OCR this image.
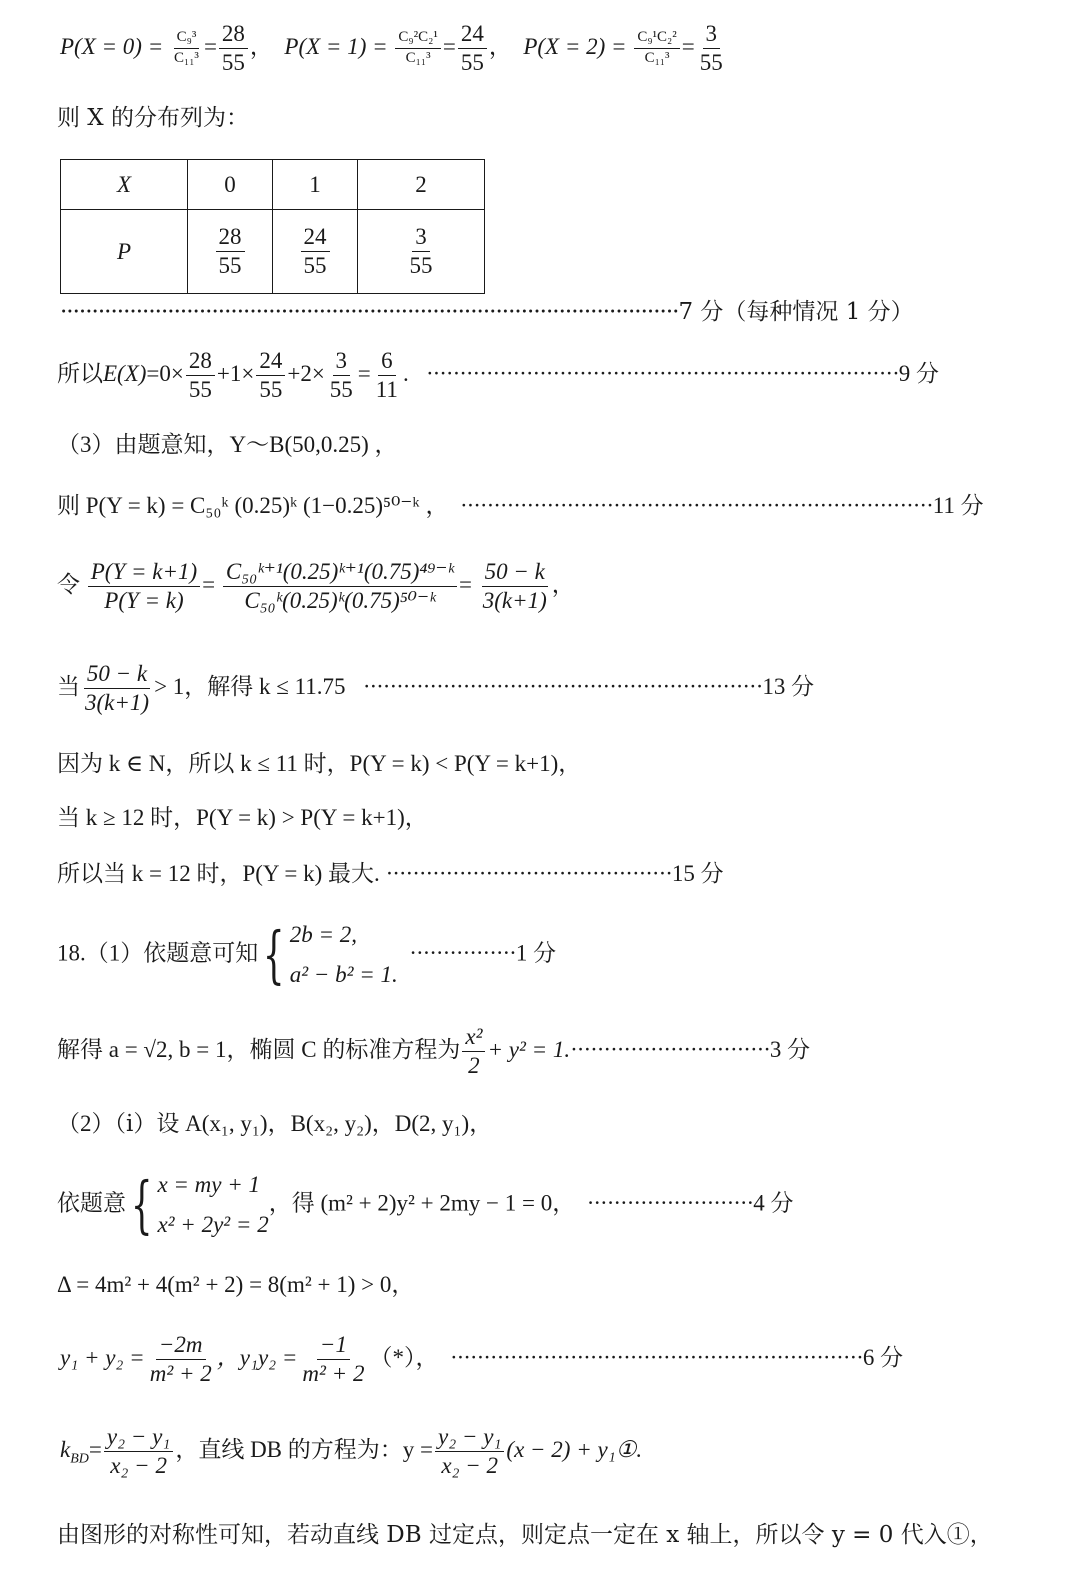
$P(X = 0) = \frac{\text{C₉³}}{\text{C₁₁³}} = \frac{28}{55}$ ，  $P(X = 1) = \frac{\text{C₉²C₂¹}}{\text{C₁₁³}} = \frac{24}{55}$ ，  $P(X = 2) = \frac{\text{C₉¹C₂²}}{\text{C₁₁³}} = \frac{3}{55}$
则 X 的分布列为：
X	0	1	2
P	$\frac{28}{55}$	$\frac{24}{55}$	$\frac{3}{55}$
··································································································7 分（每种情况 1 分）
所以$E(X)=0\times \frac{28}{55} +1\times \frac{24}{55} +2\times \frac{3}{55} = \frac{6}{11}$ .   ·······································································9 分
（3）由题意知，Y～B(50,0.25) ，
则 P(Y = k) = C₅₀ᵏ (0.25)ᵏ (1−0.25)⁵⁰⁻ᵏ ， ·······································································11 分
令 $\frac{P(Y = k+1)}{P(Y = k)} = \frac{\text{C₅₀ᵏ⁺¹(0.25)ᵏ⁺¹(0.75)⁴⁹⁻ᵏ}}{\text{C₅₀ᵏ(0.25)ᵏ(0.75)⁵⁰⁻ᵏ}} = \frac{50 - k}{3(k+1)}$ ，
当 $\frac{50 - k}{3(k+1)} > 1$，解得 k ≤ 11.75 ····························································13 分
因为 k ∈ N，所以 k ≤ 11 时，P(Y = k) < P(Y = k+1)，
当 k ≥ 12 时，P(Y = k) > P(Y = k+1)，
所以当 k = 12 时，P(Y = k) 最大. ···········································15 分
18.（1）依题意可知{ 2b = 2,
a² − b² = 1.
················1 分
解得 a = √2, b = 1，椭圆 C 的标准方程为 $\frac{\text{x²}}{2} + y^2 = 1.\cdot\cdot\cdot\cdot\cdot\cdot\cdot\cdot\cdot\cdot\cdot\cdot\cdot\cdot\cdot\cdot\cdot\cdot\cdot\cdot\cdot\cdot\cdot\cdot\cdot\cdot\cdot\cdot\cdot\cdot 3$ 分
（2）（ⅰ）设 A(x₁, y₁)，B(x₂, y₂)，D(2, y₁)，
依题意{ x = my + 1
x² + 2y² = 2
，得 (m² + 2)y² + 2my − 1 = 0， ·························4 分
Δ = 4m² + 4(m² + 2) = 8(m² + 1) > 0，
$y_1 + y_2 = \frac{-2m}{\text{m² + 2}}$ ，$y_1y_2 = \frac{-1}{\text{m² + 2}}$ （*）， ······························································6 分
$k_{BD}= \frac{\text{y₂ − y₁}}{\text{x₂ − 2}}$ ，直线 DB 的方程为：$y = \frac{\text{y₂ − y₁}}{\text{x₂ − 2}} (x - 2)$ + y₁①.
由图形的对称性可知，若动直线 DB 过定点，则定点一定在 x 轴上，所以令 y = 0 代入①，
